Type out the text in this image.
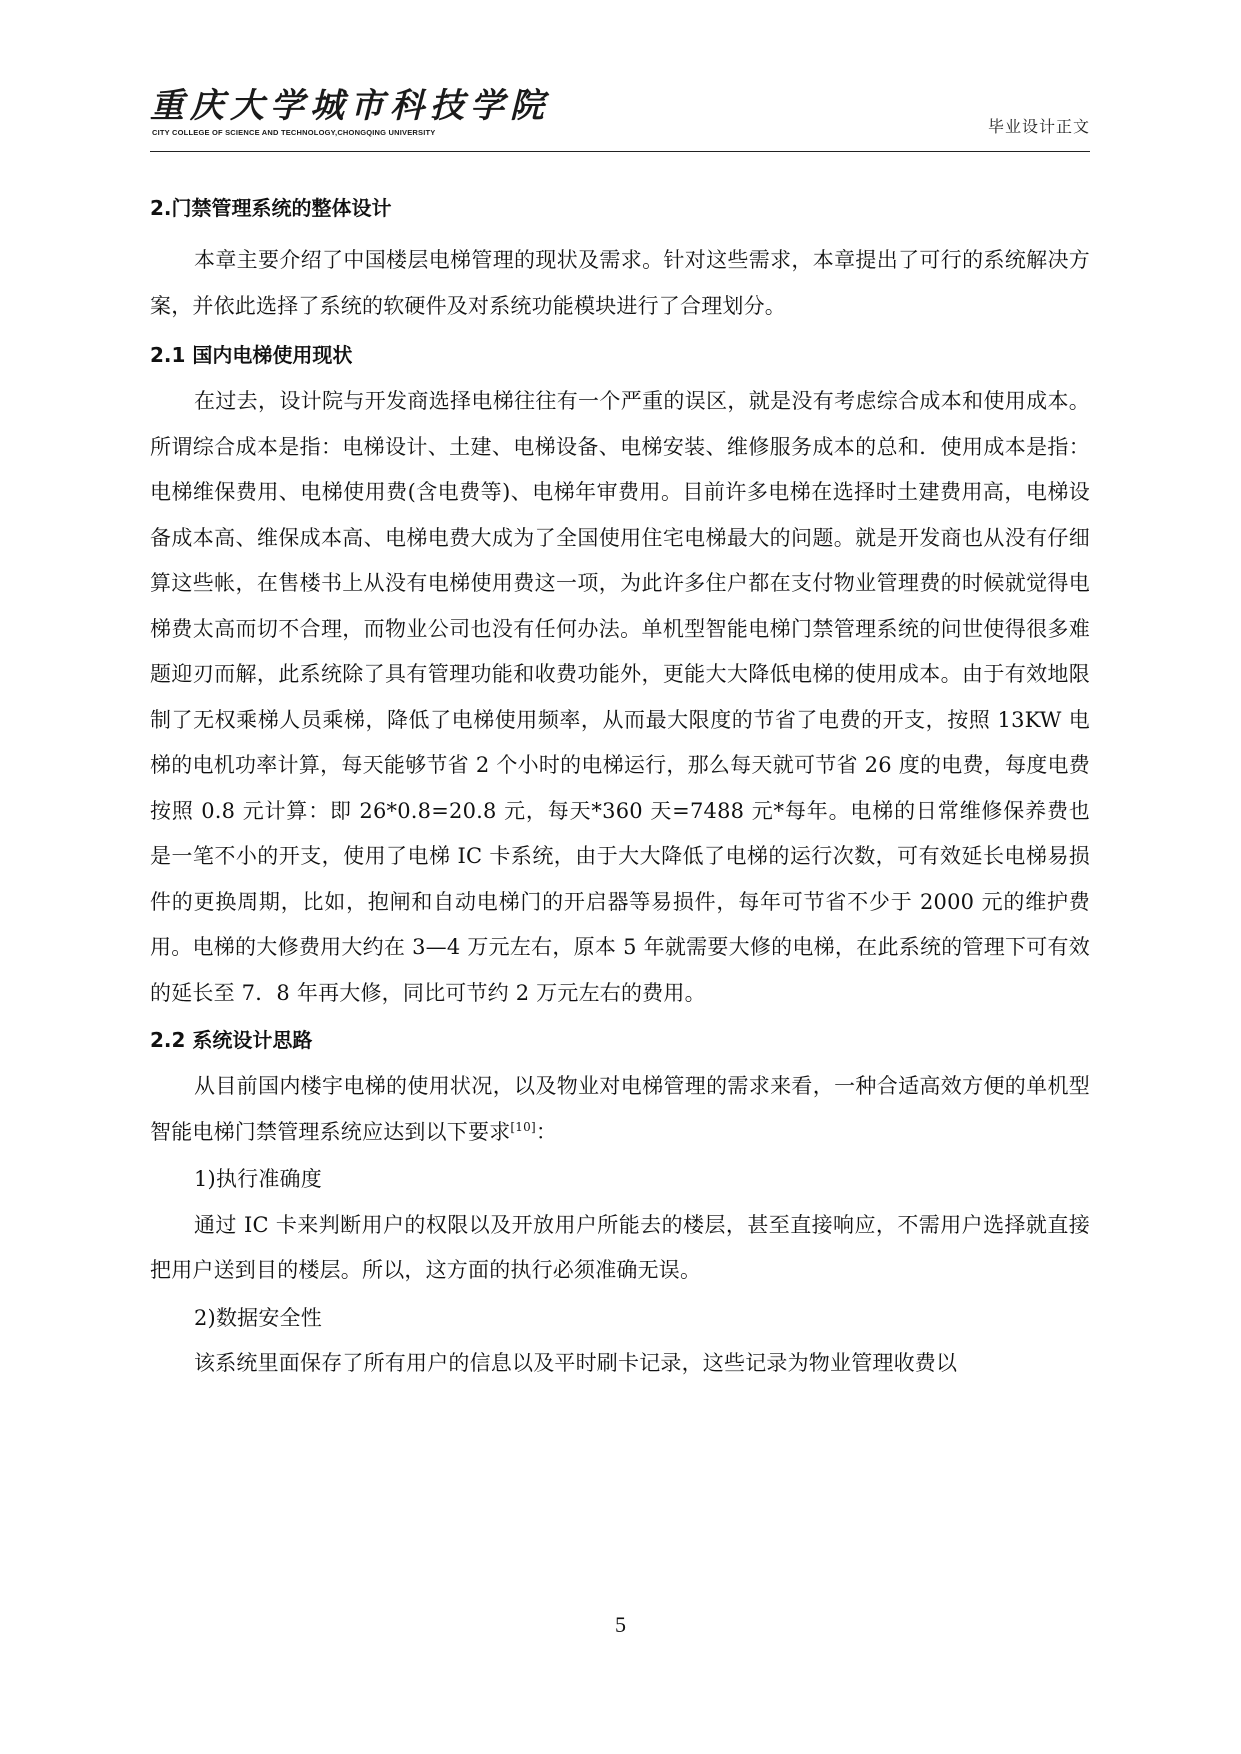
重庆大学城市科技学院
CITY COLLEGE OF SCIENCE AND TECHNOLOGY,CHONGQING UNIVERSITY	毕业设计正文
2.门禁管理系统的整体设计

本章主要介绍了中国楼层电梯管理的现状及需求。针对这些需求，本章提出了可行的系统解决方案，并依此选择了系统的软硬件及对系统功能模块进行了合理划分。

2.1 国内电梯使用现状

在过去，设计院与开发商选择电梯往往有一个严重的误区，就是没有考虑综合成本和使用成本。所谓综合成本是指：电梯设计、土建、电梯设备、电梯安装、维修服务成本的总和．使用成本是指：电梯维保费用、电梯使用费(含电费等)、电梯年审费用。目前许多电梯在选择时土建费用高，电梯设备成本高、维保成本高、电梯电费大成为了全国使用住宅电梯最大的问题。就是开发商也从没有仔细算这些帐，在售楼书上从没有电梯使用费这一项，为此许多住户都在支付物业管理费的时候就觉得电梯费太高而切不合理，而物业公司也没有任何办法。单机型智能电梯门禁管理系统的问世使得很多难题迎刃而解，此系统除了具有管理功能和收费功能外，更能大大降低电梯的使用成本。由于有效地限制了无权乘梯人员乘梯，降低了电梯使用频率，从而最大限度的节省了电费的开支，按照 13KW 电梯的电机功率计算，每天能够节省 2 个小时的电梯运行，那么每天就可节省 26 度的电费，每度电费按照 0.8 元计算：即 26*0.8=20.8 元，每天*360 天=7488 元*每年。电梯的日常维修保养费也是一笔不小的开支，使用了电梯 IC 卡系统，由于大大降低了电梯的运行次数，可有效延长电梯易损件的更换周期，比如，抱闸和自动电梯门的开启器等易损件，每年可节省不少于 2000 元的维护费用。电梯的大修费用大约在 3—4 万元左右，原本 5 年就需要大修的电梯，在此系统的管理下可有效的延长至 7．8 年再大修，同比可节约 2 万元左右的费用。

2.2 系统设计思路

从目前国内楼宇电梯的使用状况，以及物业对电梯管理的需求来看，一种合适高效方便的单机型智能电梯门禁管理系统应达到以下要求[10]：

1)执行准确度

通过 IC 卡来判断用户的权限以及开放用户所能去的楼层，甚至直接响应，不需用户选择就直接把用户送到目的楼层。所以，这方面的执行必须准确无误。

2)数据安全性

该系统里面保存了所有用户的信息以及平时刷卡记录，这些记录为物业管理收费以

5
